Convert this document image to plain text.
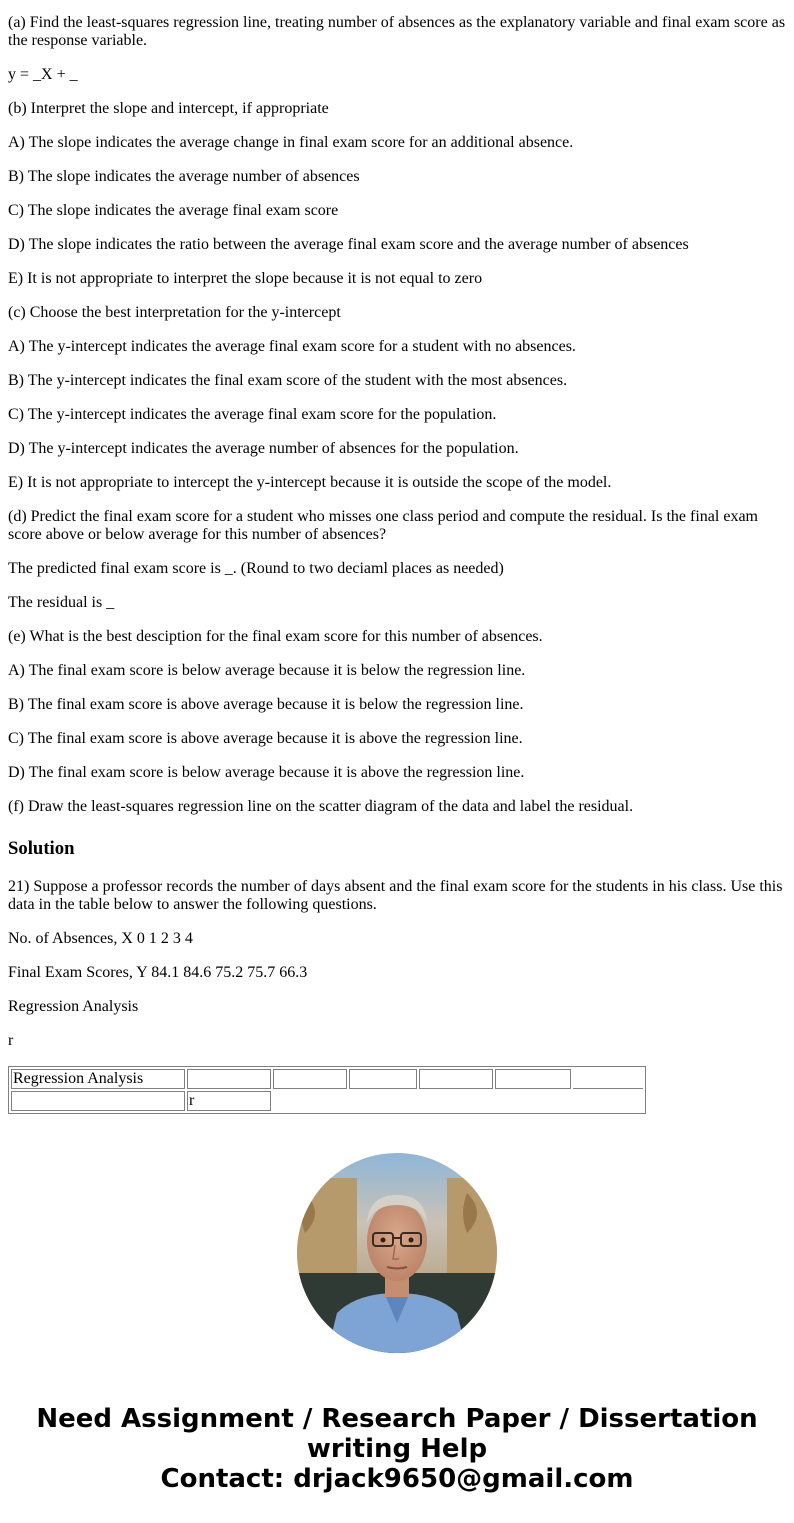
(a) Find the least-squares regression line, treating number of absences as the explanatory variable and final exam score as the response variable.
y = _X + _
(b) Interpret the slope and intercept, if appropriate
A) The slope indicates the average change in final exam score for an additional absence.
B) The slope indicates the average number of absences
C) The slope indicates the average final exam score
D) The slope indicates the ratio between the average final exam score and the average number of absences
E) It is not appropriate to interpret the slope because it is not equal to zero
(c) Choose the best interpretation for the y-intercept
A) The y-intercept indicates the average final exam score for a student with no absences.
B) The y-intercept indicates the final exam score of the student with the most absences.
C) The y-intercept indicates the average final exam score for the population.
D) The y-intercept indicates the average number of absences for the population.
E) It is not appropriate to intercept the y-intercept because it is outside the scope of the model.
(d) Predict the final exam score for a student who misses one class period and compute the residual. Is the final exam score above or below average for this number of absences?
The predicted final exam score is _. (Round to two deciaml places as needed)
The residual is _
(e) What is the best desciption for the final exam score for this number of absences.
A) The final exam score is below average because it is below the regression line.
B) The final exam score is above average because it is below the regression line.
C) The final exam score is above average because it is above the regression line.
D) The final exam score is below average because it is above the regression line.
(f) Draw the least-squares regression line on the scatter diagram of the data and label the residual.
Solution
21) Suppose a professor records the number of days absent and the final exam score for the students in his class. Use this data in the table below to answer the following questions.
No. of Absences, X 0 1 2 3 4
Final Exam Scores, Y 84.1 84.6 75.2 75.7 66.3
Regression Analysis
r
Regression Analysis						
	r					
Need Assignment / Research Paper / Dissertation
writing Help
Contact: drjack9650@gmail.com
